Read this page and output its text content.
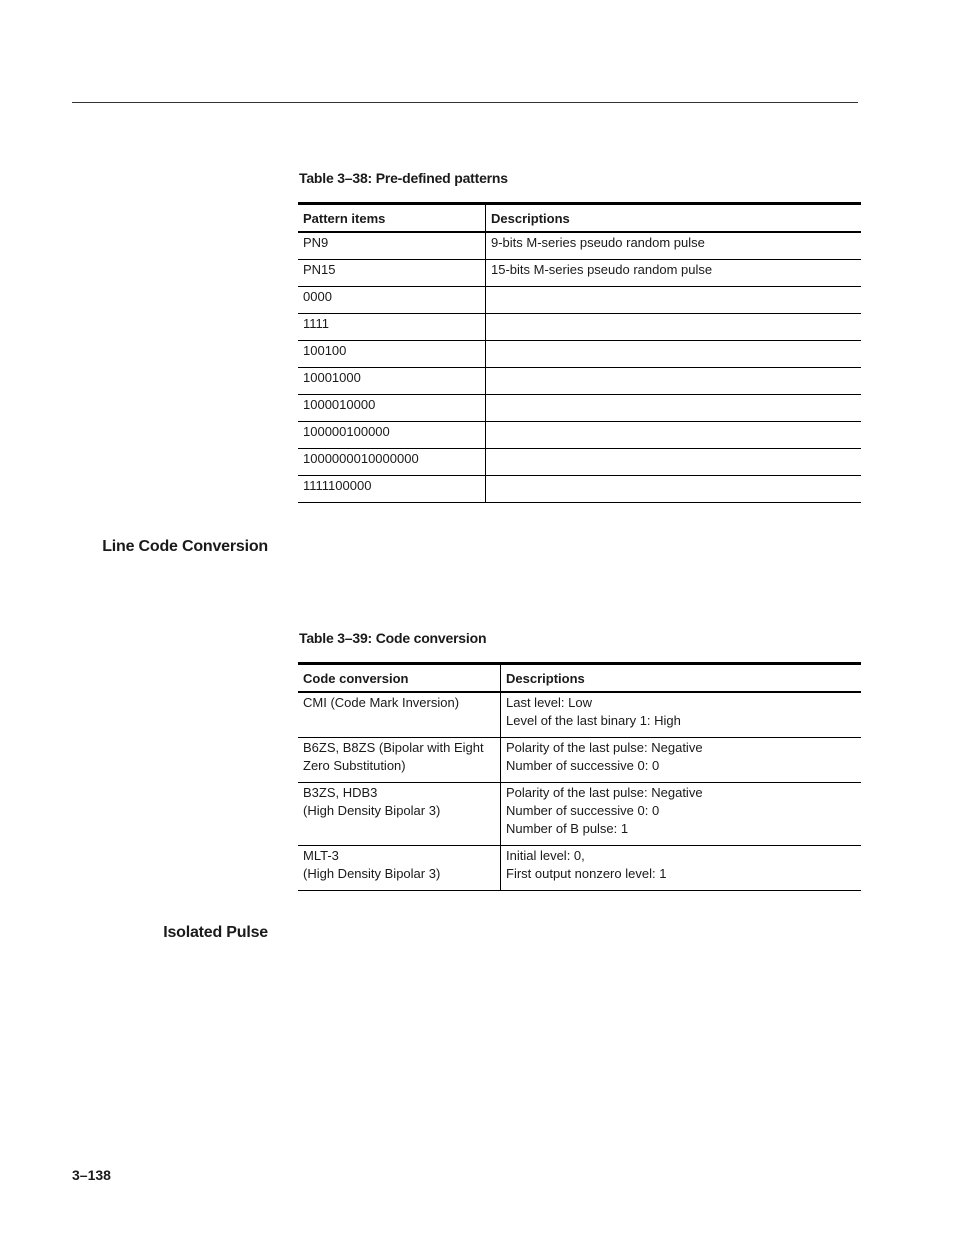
Table 3–38: Pre-defined patterns
Pattern items	Descriptions
PN9	9-bits M-series pseudo random pulse
PN15	15-bits M-series pseudo random pulse
0000	
1111	
100100	
10001000	
1000010000	
100000100000	
1000000010000000	
1111100000	
Line Code Conversion
Table 3–39: Code conversion
Code conversion	Descriptions

CMI (Code Mark Inversion)	Last level: Low
Level of the last binary 1: High

B6ZS, B8ZS (Bipolar with Eight
Zero Substitution)	Polarity of the last pulse: Negative
Number of successive 0: 0

B3ZS, HDB3
(High Density Bipolar 3)	Polarity of the last pulse: Negative
Number of successive 0: 0
Number of B pulse: 1

MLT-3
(High Density Bipolar 3)	Initial level: 0,
First output nonzero level: 1
Isolated Pulse
3–138
